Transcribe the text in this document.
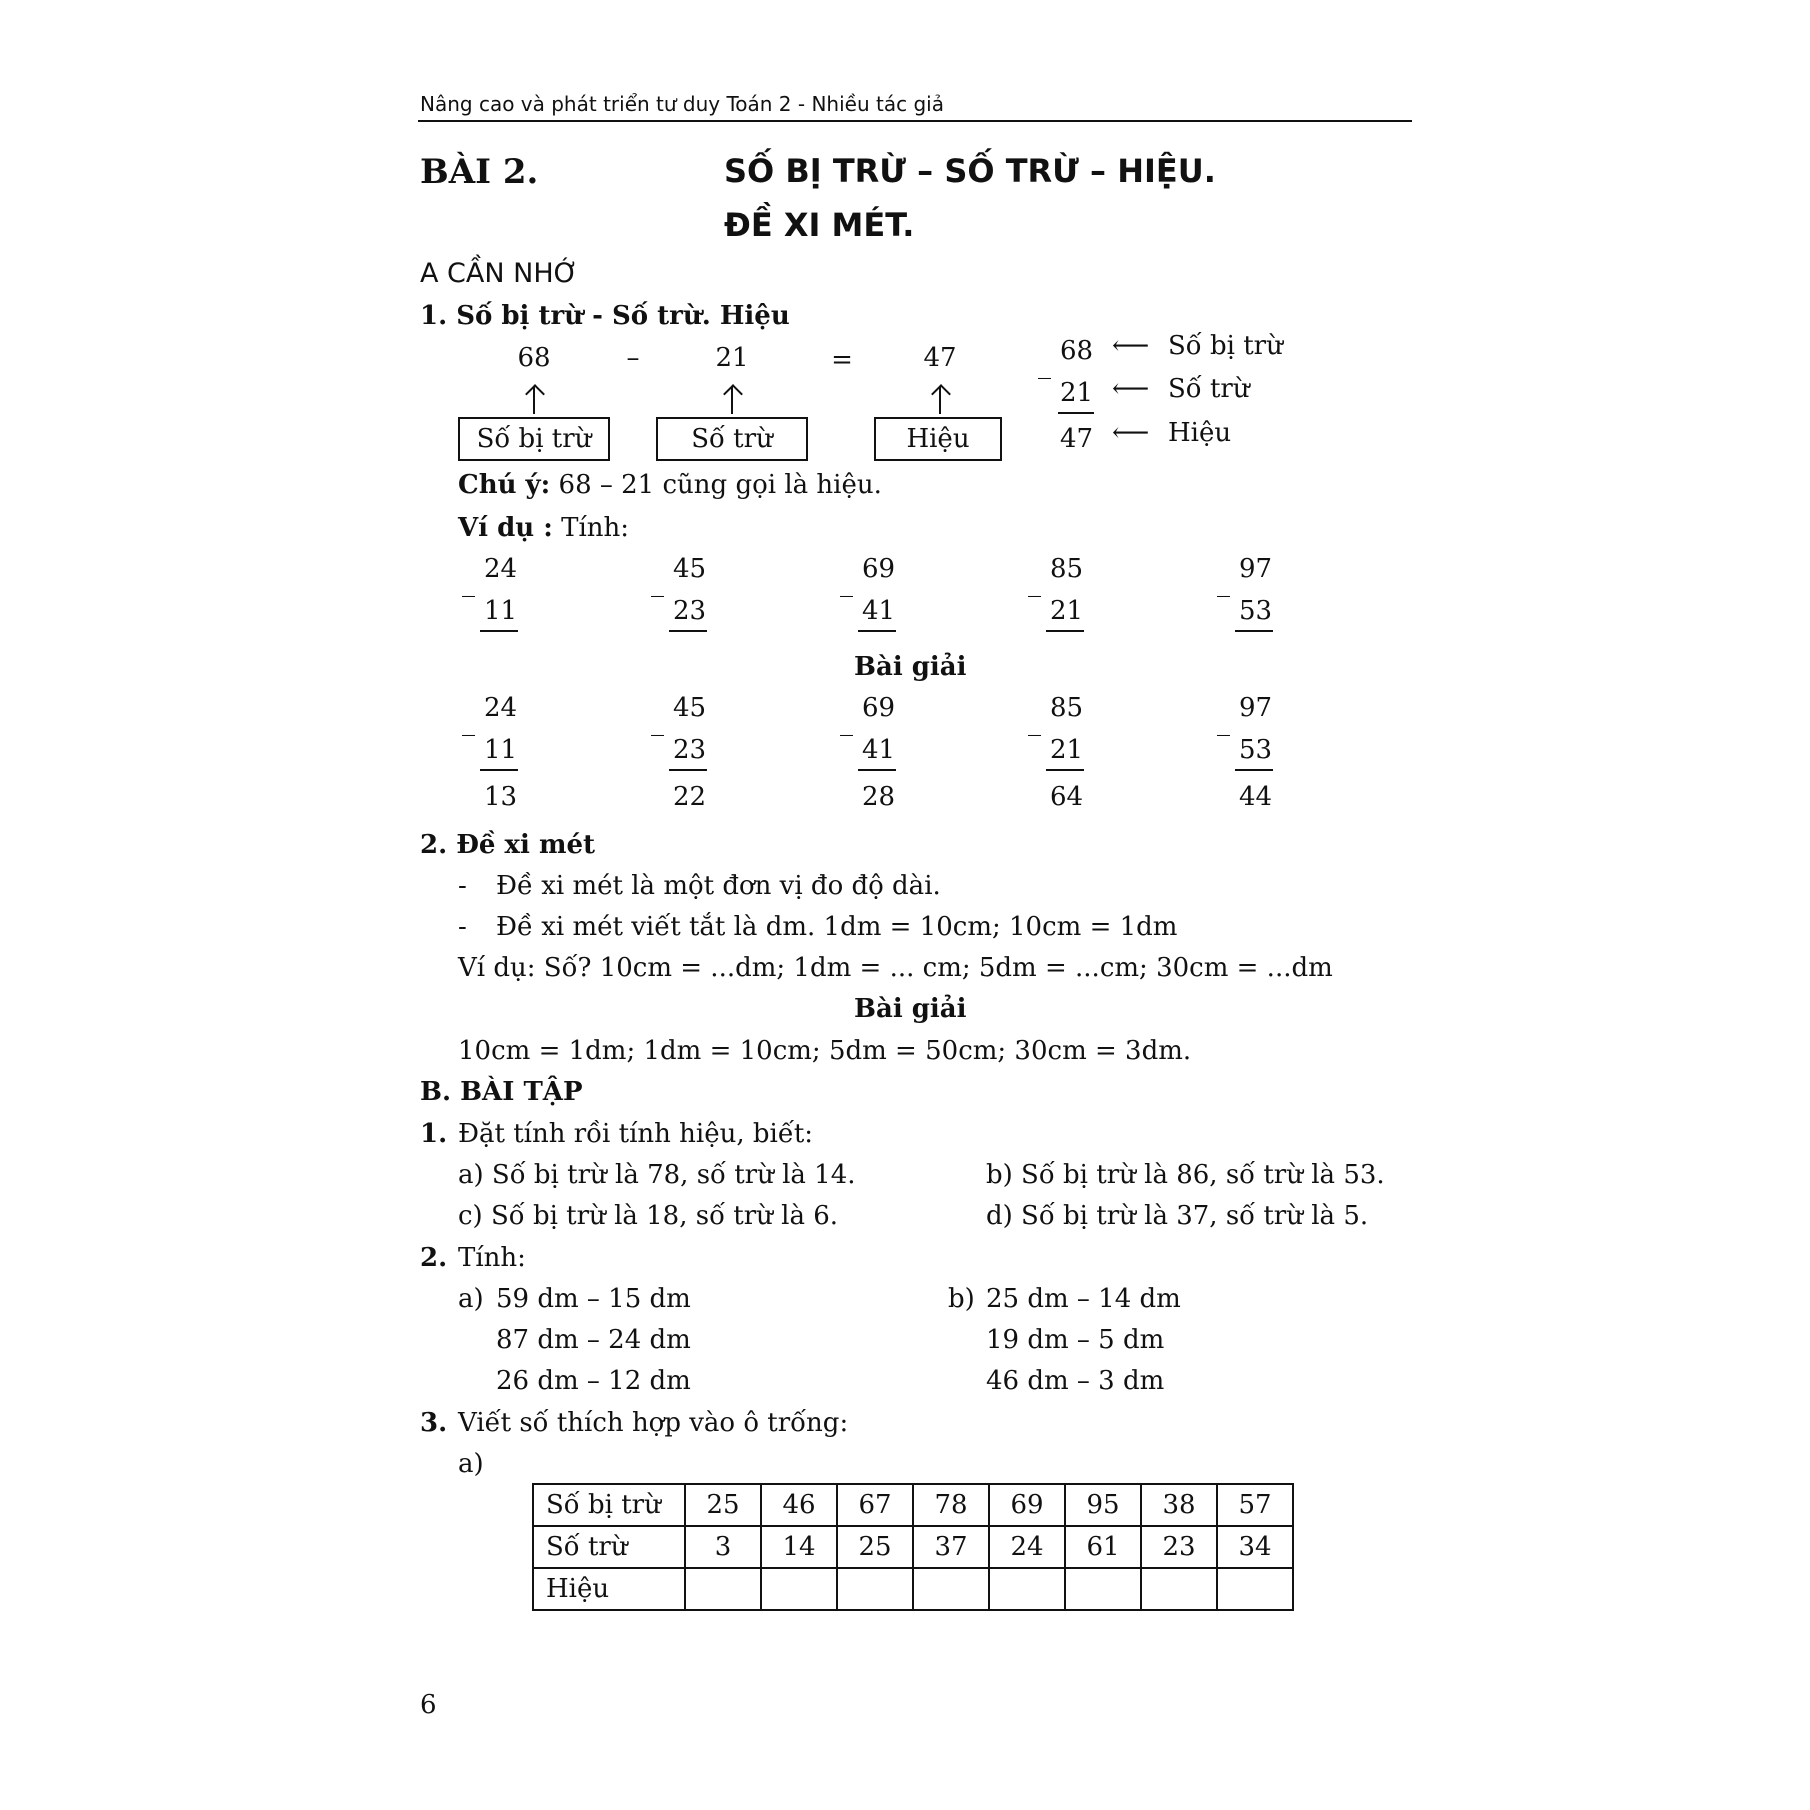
Nâng cao và phát triển tư duy Toán 2 - Nhiều tác giả
BÀI 2.	SỐ BỊ TRỪ – SỐ TRỪ – HIỆU.
ĐỀ XI MÉT.
A CẦN NHỚ
1. Số bị trừ - Số trừ. Hiệu
68	–	21	=	47
Số bị trừ	Số trừ	Hiệu
_ 68
21
47
⟵ Số bị trừ
⟵ Số trừ
⟵ Hiệu
Chú ý: 68 – 21 cũng gọi là hiệu.
Ví dụ : Tính:
_ 24
11
_ 45
23
_ 69
41
_ 85
21
_ 97
53
Bài giải
_ 24
11
13
_ 45
23
22
_ 69
41
28
_ 85
21
64
_ 97
53
44
2. Đề xi mét
- Đề xi mét là một đơn vị đo độ dài.
- Đề xi mét viết tắt là dm. 1dm = 10cm; 10cm = 1dm
Ví dụ: Số? 10cm = ...dm; 1dm = ... cm; 5dm = ...cm; 30cm = ...dm
Bài giải
10cm = 1dm; 1dm = 10cm; 5dm = 50cm; 30cm = 3dm.
B. BÀI TẬP
1. Đặt tính rồi tính hiệu, biết:
a) Số bị trừ là 78, số trừ là 14.	b) Số bị trừ là 86, số trừ là 53.
c) Số bị trừ là 18, số trừ là 6.	d) Số bị trừ là 37, số trừ là 5.
2. Tính:
a) 59 dm – 15 dm
87 dm – 24 dm
26 dm – 12 dm
b) 25 dm – 14 dm
19 dm – 5 dm
46 dm – 3 dm
3. Viết số thích hợp vào ô trống:
a)
Số bị trừ	25	46	67	78	69	95	38	57
Số trừ	3	14	25	37	24	61	23	34
Hiệu								
6
